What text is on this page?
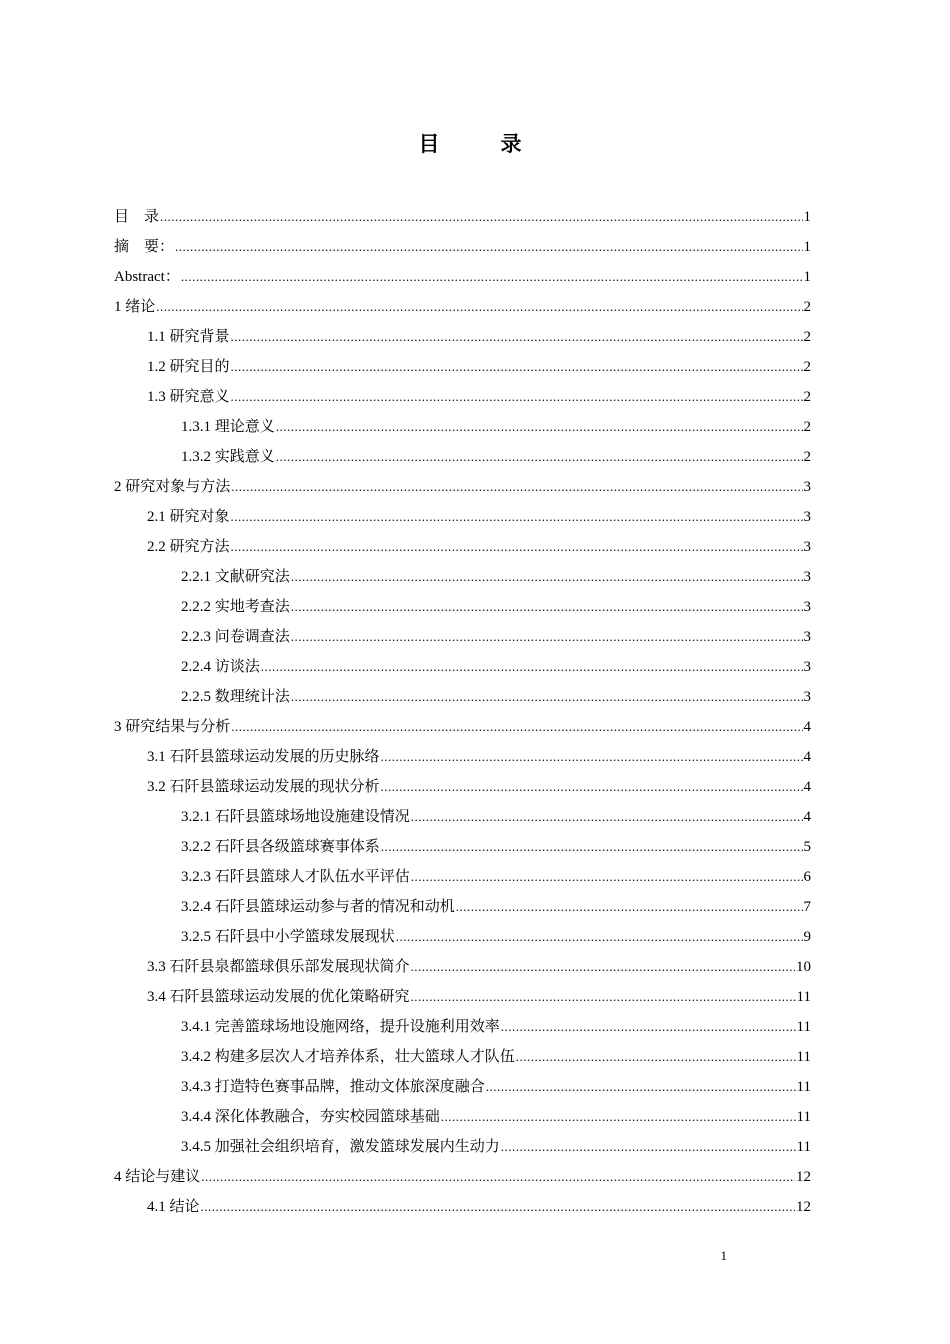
目　录
目　录 .....	1
摘　要： .....	1
Abstract： .....	1
1 绪论 .....	2
1.1 研究背景 .....	2
1.2 研究目的 .....	2
1.3 研究意义 .....	2
1.3.1 理论意义 .....	2
1.3.2 实践意义 .....	2
2 研究对象与方法 .....	3
2.1 研究对象 .....	3
2.2 研究方法 .....	3
2.2.1 文献研究法 .....	3
2.2.2 实地考查法 .....	3
2.2.3 问卷调查法 .....	3
2.2.4 访谈法 .....	3
2.2.5 数理统计法 .....	3
3 研究结果与分析 .....	4
3.1 石阡县篮球运动发展的历史脉络 .....	4
3.2 石阡县篮球运动发展的现状分析 .....	4
3.2.1 石阡县篮球场地设施建设情况 .....	4
3.2.2 石阡县各级篮球赛事体系 .....	5
3.2.3 石阡县篮球人才队伍水平评估 .....	6
3.2.4 石阡县篮球运动参与者的情况和动机 .....	7
3.2.5 石阡县中小学篮球发展现状 .....	9
3.3 石阡县泉都篮球俱乐部发展现状简介 .....	10
3.4 石阡县篮球运动发展的优化策略研究 .....	11
3.4.1 完善篮球场地设施网络，提升设施利用效率 .....	11
3.4.2 构建多层次人才培养体系，壮大篮球人才队伍 .....	11
3.4.3 打造特色赛事品牌，推动文体旅深度融合 .....	11
3.4.4 深化体教融合，夯实校园篮球基础 .....	11
3.4.5 加强社会组织培育，激发篮球发展内生动力 .....	11
4 结论与建议 .....	12
4.1 结论 .....	12
1
